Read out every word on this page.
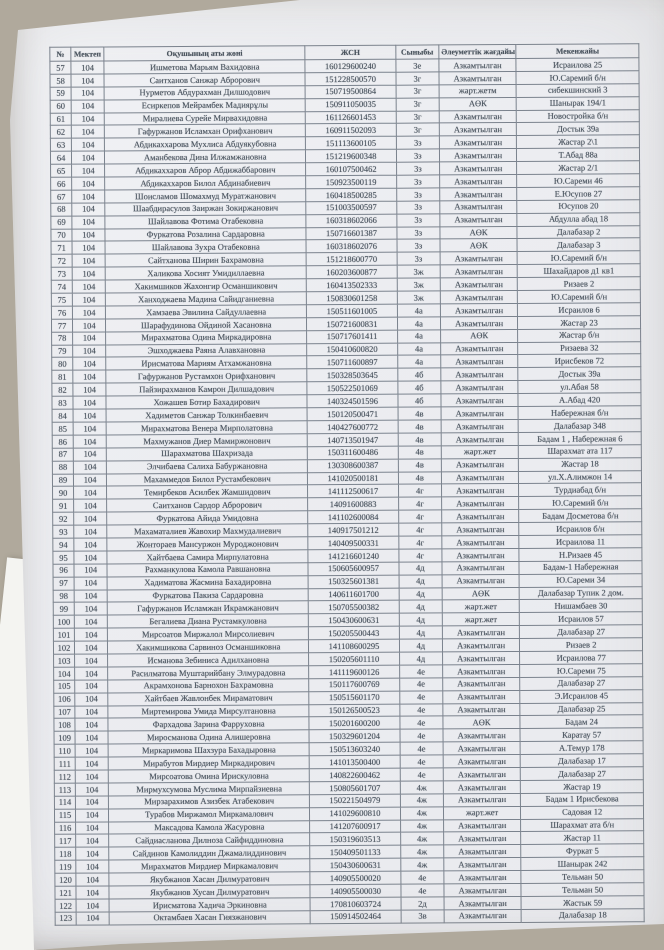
№	Мектеп	Оқушының аты жөні	ЖСН	Сыныбы	Әлеуметтік жағдайы	Мекенжайы
57	104	Ишметова Марьям Вахидовна	160129600240	3е	Азкамтылган	Исраилова 25
58	104	Саитханов Санжар Аброрович	151228500570	3г	Азкамтылган	Ю.Саремий б/н
59	104	Нурметов Абдурахман Дилшодович	150719500864	3г	жарт.жетм	сибекшинский 3
60	104	Есиркепов Мейрамбек Мадиярұлы	150911050035	3г	АӨК	Шанырак 194/1
61	104	Миралиева Сурейе Мирвахидовна	161126601453	3г	Азкамтылган	Новостройка б/н
62	104	Гафуржанов Исламхан Орифханович	160911502093	3г	Азкамтылган	Достык 39а
63	104	Абдикаххарова Мухлиса Абдуякубовна	151113600105	3з	Азкамтылган	Жастар 2\1
64	104	Аманбекова Дина Илжамжановна	151219600348	3з	Азкамтылган	Т.Абад 88а
65	104	Абдикаххаров Аброр Абдижаббарович	160107500462	3з	Азкамтылган	Жастар 2/1
66	104	Абдикаххаров Билол Абдинабиевич	150923500119	3з	Азкамтылган	Ю.Сареми 46
67	104	Шоисламов Шомахмуд Муратжанович	160418500285	3з	Азкамтылган	Е.Юсупов 27
68	104	Шаабдирасулов Заиржан Зокиржанович	151003500597	3з	Азкамтылган	Юсупов 20
69	104	Шайлавова Фотима Отабековна	160318602066	3з	Азкамтылган	Абдулла абад 18
70	104	Фуркатова Розалина Сардаровна	150716601387	3з	АӨК	Далабазар 2
71	104	Шайлавова Зухра Отабековна	160318602076	3з	АӨК	Далабазар 3
72	104	Сайтханова Ширин Бахрамовна	151218600770	3з	Азкамтылган	Ю.Саремий б/н
73	104	Халикова Хосият Умидиллаевна	160203600877	3ж	Азкамтылган	Шахайдаров д1 кв1
74	104	Хакимшиков Жахонгир Османшикович	160413502333	3ж	Азкамтылган	Ризаев 2
75	104	Ханходжаева Мадина Сайидганиевна	150830601258	3ж	Азкамтылган	Ю.Саремий б/н
76	104	Хамзаева Эвилина Сайдуллаевна	150511601005	4а	Азкамтылган	Исраилов 6
77	104	Шарафудинова Ойдиной Хасановна	150721600831	4а	Азкамтылган	Жастар 23
78	104	Мирахматова Одина Миркадировна	150717601411	4а	АӨК	Жастар б/н
79	104	Эшходжаева Раяна Алавхановна	150410600820	4а	Азкамтылган	Ризаева 32
80	104	Ирисматова Мариям Атхамжановна	150711600897	4а	Азкамтылган	Ирисбеков 72
81	104	Гафуржанов Рустамхон Орифханович	150328503645	4б	Азкамтылган	Достык 39а
82	104	Пайзирахманов Камрон Дилшадович	150522501069	4б	Азкамтылган	ул.Абая 58
83	104	Хожашев Ботир Бахадирович	140324501596	4б	Азкамтылган	А.Абад 420
84	104	Хадиметов Санжар Толкинбаевич	150120500471	4в	Азкамтылган	Набережная б/н
85	104	Мирахматова Венера Мирполатовна	140427600772	4в	Азкамтылган	Далабазар 348
86	104	Махмужанов Диер Мамиржонович	140713501947	4в	Азкамтылган	Бадам 1 , Набережная 6
87	104	Шарахматова Шахризада	150311600486	4в	жарт.жет	Шарахмат ата 117
88	104	Элчибаева Салиха Бабуржановна	130308600387	4в	Азкамтылган	Жастар 18
89	104	Махаммедов Билол Рустамбекович	141020500181	4в	Азкамтылган	ул.Х.Алимжон 14
90	104	Темирбеков Асилбек Жамшидович	141112500617	4г	Азкамтылган	Турдиабад б/н
91	104	Саитханов Сардор Аброрович	14091600883	4г	Азкамтылган	Ю.Саремий б/н
92	104	Фуркатова Айида Умидовна	141102600084	4г	Азкамтылган	Бадам Досметова б/н
93	104	Махаматалиев Жавохир Махмудалиевич	140917501212	4г	Азкамтылган	Исраилов б/н
94	104	Жонтораев Мансуржон Муроджонович	140409500331	4г	Азкамтылган	Исраилова 11
95	104	Хайтбаева Самира Мирпулатовна	141216601240	4г	Азкамтылган	Н.Ризаев 45
96	104	Рахманкулова Камола Равшановна	150605600957	4д	Азкамтылган	Бадам-1 Набережная
97	104	Хадиматова Жасмина Бахадировна	150325601381	4д	Азкамтылган	Ю.Сареми 34
98	104	Фуркатова Пакиза Сардаровна	140611601700	4д	АӨК	Далабазар Тупик 2 дом.
99	104	Гафуржанов Исламжан Икрамжанович	150705500382	4д	жарт.жет	Нишамбаев 30
100	104	Бегалиева Диана Рустамкуловна	150430600631	4д	жарт.жет	Исраилов 57
101	104	Мирсоатов Миржалол Мирсолиевич	150205500443	4д	Азкамтылган	Далабазар 27
102	104	Хакимшикова Сарвиноз Османшиковна	141108600295	4д	Азкамтылган	Ризаев 2
103	104	Исманова Зебиниса Адилхановна	150205601110	4д	Азкамтылган	Исраилова 77
104	104	Расилматова Муштарийбану Элмурадовна	141119600126	4е	Азкамтылган	Ю.Сареми 75
105	104	Акрамхонова Барнохон Бахрамовна	150117600769	4е	Азкамтылган	Далабазар 27
106	104	Хайтбаев Жавлонбек Мираматович	150515601170	4е	Азкамтылган	Э.Исраилов 45
107	104	Миртемирова Умида Мирсултановна	150126500523	4е	Азкамтылган	Далабазар 25
108	104	Фархадова Зарина Фарруховна	150201600200	4е	АӨК	Бадам 24
109	104	Миросманова Одина Алишеровна	150329601204	4е	Азкамтылган	Каратау 57
110	104	Миркаримова Шахзура Бахадыровна	150513603240	4е	Азкамтылган	А.Темур 178
111	104	Мирабутов Мирдиер Миркадирович	141013500400	4е	Азкамтылган	Далабазар 17
112	104	Мирсоатова Омина Ирискуловна	140822600462	4е	Азкамтылган	Далабазар 27
113	104	Мирмухсумова Муслима Мирпайзиевна	150805601707	4ж	Азкамтылган	Жастар 19
114	104	Мирзарахимов Азизбек Атабекович	150221504979	4ж	Азкамтылган	Бадам 1 Ирисбекова
115	104	Турабов Миржамол Миркамалович	141029600810	4ж	жарт.жет	Садовая 12
116	104	Максадова Камола Жасуровна	141207600917	4ж	Азкамтылган	Шарахмат ата б/н
117	104	Сайдиасланова Дилноза Сайфиддиновна	150319603513	4ж	Азкамтылган	Жастар 11
118	104	Сайдинов Камолиддин Джамалиддинович	150409501133	4ж	Азкамтылган	Фуркат 5
119	104	Мирахматов Мирдиер Миркамалович	150430600631	4ж	Азкамтылган	Шанырак 242
120	104	Якубжанов Хасан Дилмуратович	140905500020	4е	Азкамтылган	Тельман 50
121	104	Якубжанов Хусан Дилмуратович	140905500030	4е	Азкамтылган	Тельман 50
122	104	Ирисматова Хадича Эркиновна	170810603724	2д	Азкамтылган	Жастык 59
123	104	Октамбаев Хасан Гиязжанович	150914502464	3в	Азкамтылган	Далабазар 18
